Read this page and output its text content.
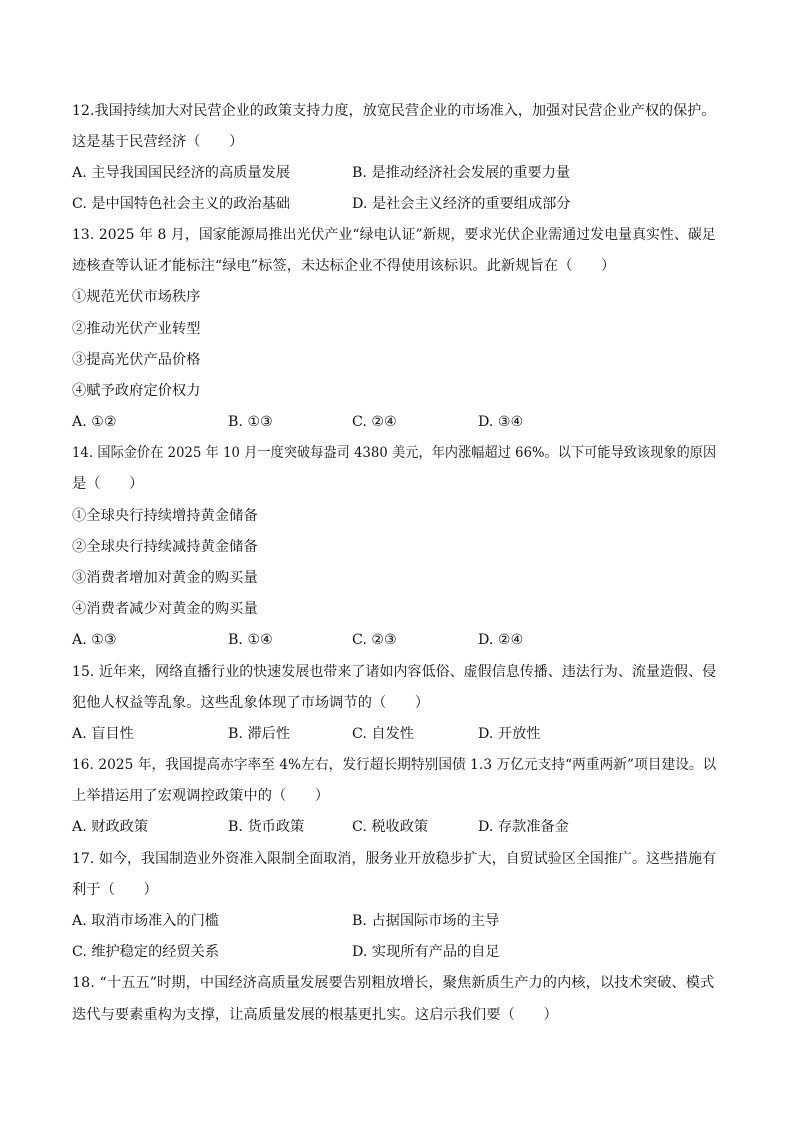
12.我国持续加大对民营企业的政策支持力度，放宽民营企业的市场准入，加强对民营企业产权的保护。
这是基于民营经济（　　）
A. 主导我国国民经济的高质量发展	B. 是推动经济社会发展的重要力量
C. 是中国特色社会主义的政治基础	D. 是社会主义经济的重要组成部分
13. 2025 年 8 月，国家能源局推出光伏产业“绿电认证”新规，要求光伏企业需通过发电量真实性、碳足
迹核查等认证才能标注“绿电”标签，未达标企业不得使用该标识。此新规旨在（　　）
①规范光伏市场秩序
②推动光伏产业转型
③提高光伏产品价格
④赋予政府定价权力
A. ①②	B. ①③	C. ②④	D. ③④
14. 国际金价在 2025 年 10 月一度突破每盎司 4380 美元，年内涨幅超过 66%。以下可能导致该现象的原因
是（　　）
①全球央行持续增持黄金储备
②全球央行持续减持黄金储备
③消费者增加对黄金的购买量
④消费者减少对黄金的购买量
A. ①③	B. ①④	C. ②③	D. ②④
15. 近年来，网络直播行业的快速发展也带来了诸如内容低俗、虚假信息传播、违法行为、流量造假、侵
犯他人权益等乱象。这些乱象体现了市场调节的（　　）
A. 盲目性	B. 滞后性	C. 自发性	D. 开放性
16. 2025 年，我国提高赤字率至 4%左右，发行超长期特别国债 1.3 万亿元支持“两重两新”项目建设。以
上举措运用了宏观调控政策中的（　　）
A. 财政政策	B. 货币政策	C. 税收政策	D. 存款准备金
17. 如今，我国制造业外资准入限制全面取消，服务业开放稳步扩大，自贸试验区全国推广。这些措施有
利于（　　）
A. 取消市场准入的门槛	B. 占据国际市场的主导
C. 维护稳定的经贸关系	D. 实现所有产品的自足
18. “十五五”时期，中国经济高质量发展要告别粗放增长，聚焦新质生产力的内核，以技术突破、模式
迭代与要素重构为支撑，让高质量发展的根基更扎实。这启示我们要（　　）
